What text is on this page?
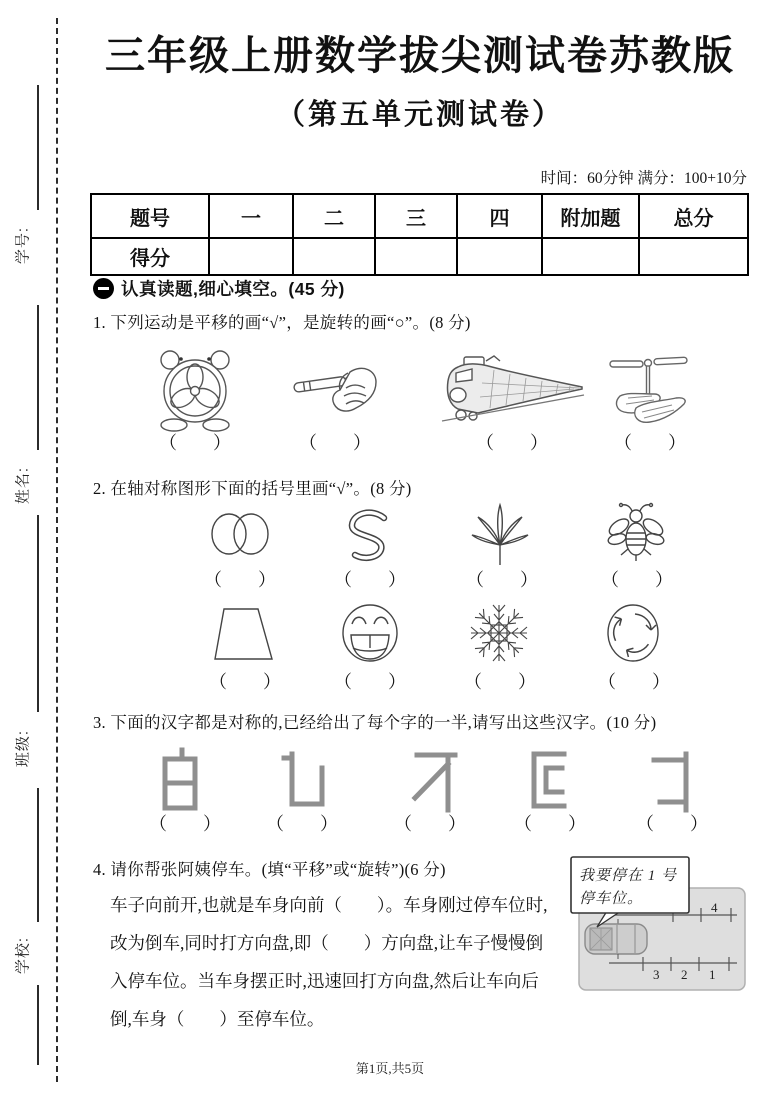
学号:
姓名:
班级:
学校:
三年级上册数学拔尖测试卷苏教版
（第五单元测试卷）
时间：60分钟 满分：100+10分
题号	一	二	三	四	附加题	总分
得分						
认真读题,细心填空。(45 分)
1. 下列运动是平移的画“√”，是旋转的画“○”。(8 分)
（　　）	（　　）	（　　）	（　　）
2. 在轴对称图形下面的括号里画“√”。(8 分)
（　　）	（　　）	（　　）	（　　）
（　　）	（　　）	（　　）	（　　）
3. 下面的汉字都是对称的,已经给出了每个字的一半,请写出这些汉字。(10 分)
（　　）	（　　）	（　　）	（　　）	（　　）
4. 请你帮张阿姨停车。(填“平移”或“旋转”)(6 分)
车子向前开,也就是车身向前（　　）。车身刚过停车位时,
改为倒车,同时打方向盘,即（　　）方向盘,让车子慢慢倒
入停车位。当车身摆正时,迅速回打方向盘,然后让车向后
倒,车身（　　）至停车位。
4
3 2 1
我要停在 1 号
停车位。
第1页,共5页
